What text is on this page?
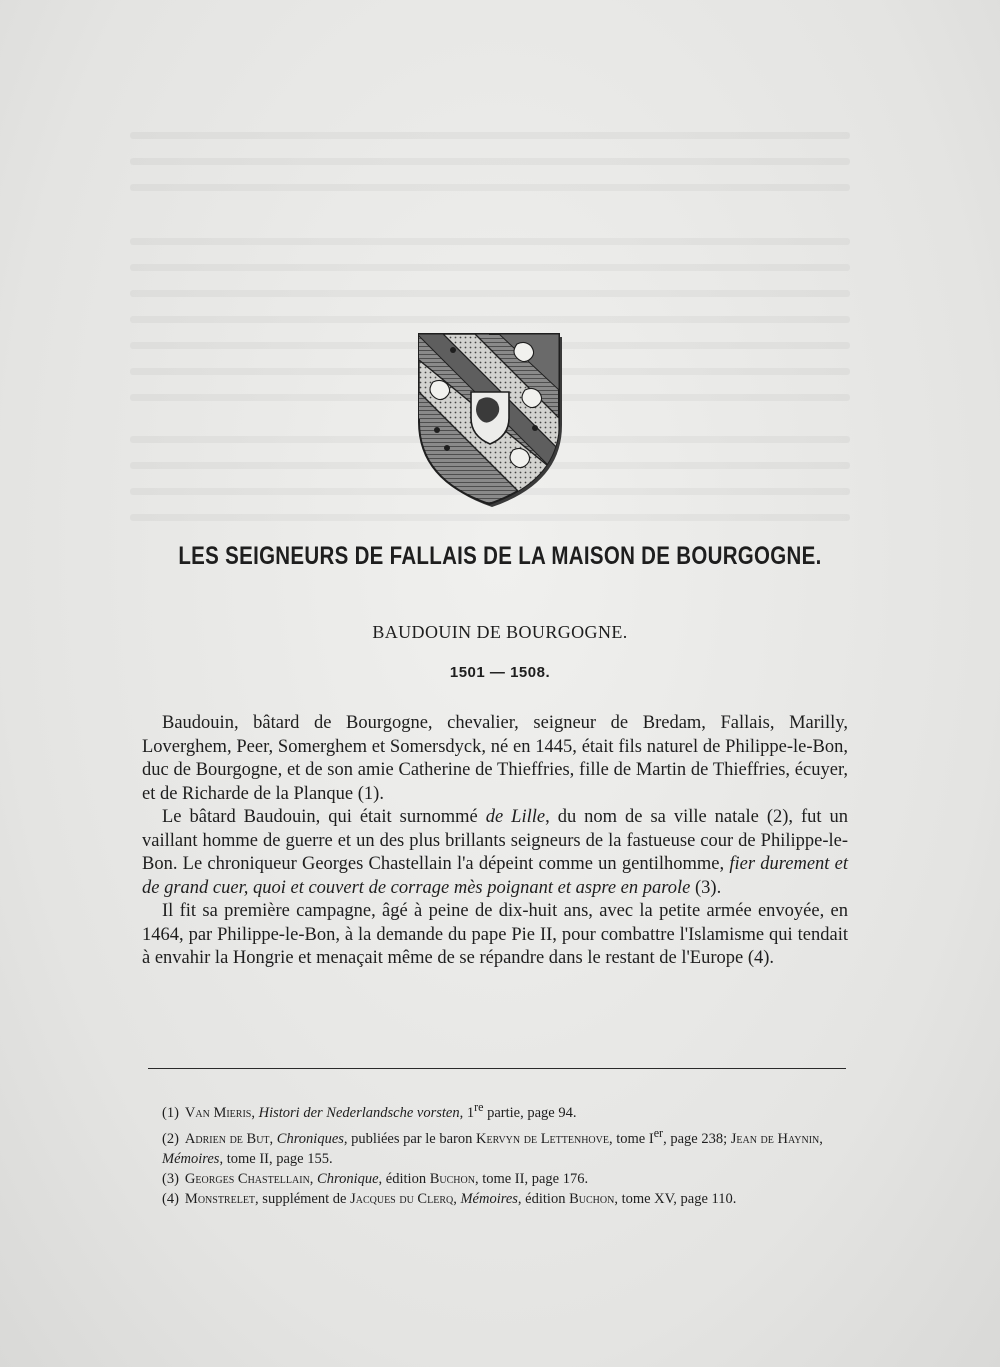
LES SEIGNEURS DE FALLAIS DE LA MAISON DE BOURGOGNE.
BAUDOUIN DE BOURGOGNE.
1501 — 1508.

Baudouin, bâtard de Bourgogne, chevalier, seigneur de Bredam, Fallais, Marilly, Loverghem, Peer, Somerghem et Somersdyck, né en 1445, était fils naturel de Philippe-le-Bon, duc de Bourgogne, et de son amie Catherine de Thieffries, fille de Martin de Thieffries, écuyer, et de Richarde de la Planque (1).

Le bâtard Baudouin, qui était surnommé de Lille, du nom de sa ville natale (2), fut un vaillant homme de guerre et un des plus brillants seigneurs de la fastueuse cour de Philippe-le-Bon. Le chroniqueur Georges Chastellain l'a dépeint comme un gentilhomme, fier durement et de grand cuer, quoi et couvert de corrage mès poignant et aspre en parole (3).

Il fit sa première campagne, âgé à peine de dix-huit ans, avec la petite armée envoyée, en 1464, par Philippe-le-Bon, à la demande du pape Pie II, pour combattre l'Islamisme qui tendait à envahir la Hongrie et menaçait même de se répandre dans le restant de l'Europe (4).

(1) Van Mieris, Histori der Nederlandsche vorsten, 1re partie, page 94.

(2) Adrien de But, Chroniques, publiées par le baron Kervyn de Lettenhove, tome Ier, page 238; Jean de Haynin, Mémoires, tome II, page 155.

(3) Georges Chastellain, Chronique, édition Buchon, tome II, page 176.

(4) Monstrelet, supplément de Jacques du Clerq, Mémoires, édition Buchon, tome XV, page 110.
